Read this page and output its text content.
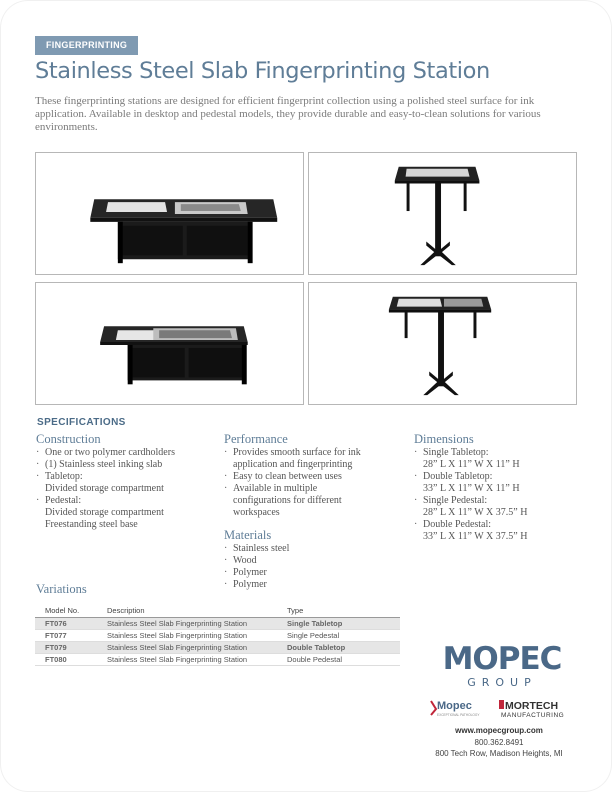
FINGERPRINTING
Stainless Steel Slab Fingerprinting Station

These fingerprinting stations are designed for efficient fingerprint collection using a polished steel surface for ink application. Available in desktop and pedestal models, they provide durable and easy-to-clean solutions for various environments.

SPECIFICATIONS
Construction
· One or two polymer cardholders
· (1) Stainless steel inking slab
· Tabletop:
Divided storage compartment
· Pedestal:
Divided storage compartment
Freestanding steel base
Performance
· Provides smooth surface for ink
application and fingerprinting
· Easy to clean between uses
· Available in multiple
configurations for different
workspaces
Materials
· Stainless steel
· Wood
· Polymer
· Polymer
Dimensions
· Single Tabletop:
28” L X 11” W X 11” H
· Double Tabletop:
33” L X 11” W X 11” H
· Single Pedestal:
28” L X 11” W X 37.5” H
· Double Pedestal:
33” L X 11” W X 37.5” H
Variations
Model No.	Description	Type
FT076	Stainless Steel Slab Fingerprinting Station	Single Tabletop
FT077	Stainless Steel Slab Fingerprinting Station	Single Pedestal
FT079	Stainless Steel Slab Fingerprinting Station	Double Tabletop
FT080	Stainless Steel Slab Fingerprinting Station	Double Pedestal	MOPEC
GROUP
Mopec
EXCEPTIONAL PATHOLOGY
MORTECH
MANUFACTURING
www.mopecgroup.com
800.362.8491
800 Tech Row, Madison Heights, MI
